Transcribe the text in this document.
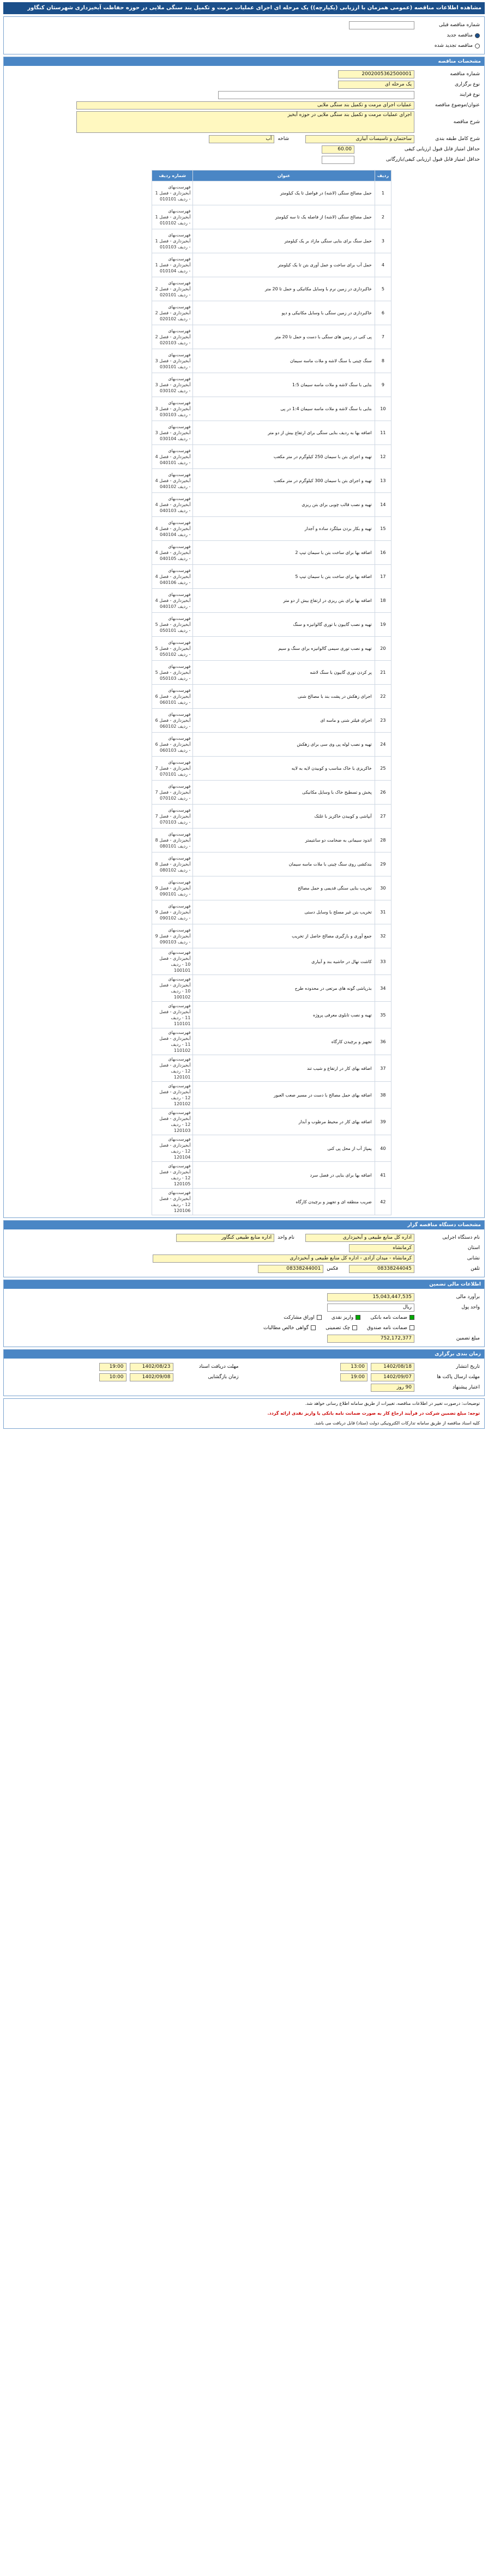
مشاهده اطلاعات مناقصه (عمومی همزمان با ارزیابی (یکپارچه)) یک مرحله ای اجرای عملیات مرمت و تکمیل بند سنگی ملایی در حوزه حفاظت آبخیزداری شهرستان کنگاور
شماره مناقصه قبلی
مناقصه جدید
مناقصه تجدید شده
مشخصات مناقصه
شماره مناقصه
2002005362500001
نوع برگزاری
یک مرحله ای
نوع فرایند
عنوان/موضوع مناقصه
عملیات اجرای مرمت و تکمیل بند سنگی ملایی
شرح مناقصه
اجرای عملیات مرمت و تکمیل بند سنگی ملایی در حوزه آبخیز
شرح کامل طبقه بندی
ساختمان و تاسیسات آبیاری
شاخه
آب
حداقل امتیاز قابل قبول ارزیابی کیفی
60.00
حداقل امتیاز قابل قبول ارزیابی کیفی/بازرگانی
ردیف	عنوان	شماره ردیف
1	حمل مصالح سنگی (لاشه) در فواصل تا یک کیلومتر	فهرست‌بهای آبخیزداری - فصل 1 - ردیف 010101
2	حمل مصالح سنگی (لاشه) از فاصله یک تا سه کیلومتر	فهرست‌بهای آبخیزداری - فصل 1 - ردیف 010102
3	حمل سنگ برای بنایی سنگی مازاد بر یک کیلومتر	فهرست‌بهای آبخیزداری - فصل 1 - ردیف 010103
4	حمل آب برای ساخت و عمل آوری بتن تا یک کیلومتر	فهرست‌بهای آبخیزداری - فصل 1 - ردیف 010104
5	خاکبرداری در زمین نرم با وسایل مکانیکی و حمل تا 20 متر	فهرست‌بهای آبخیزداری - فصل 2 - ردیف 020101
6	خاکبرداری در زمین سنگی با وسایل مکانیکی و دپو	فهرست‌بهای آبخیزداری - فصل 2 - ردیف 020102
7	پی کنی در زمین های سنگی با دست و حمل تا 20 متر	فهرست‌بهای آبخیزداری - فصل 2 - ردیف 020103
8	سنگ چینی با سنگ لاشه و ملات ماسه سیمان	فهرست‌بهای آبخیزداری - فصل 3 - ردیف 030101
9	بنایی با سنگ لاشه و ملات ماسه سیمان 1:5	فهرست‌بهای آبخیزداری - فصل 3 - ردیف 030102
10	بنایی با سنگ لاشه و ملات ماسه سیمان 1:4 در پی	فهرست‌بهای آبخیزداری - فصل 3 - ردیف 030103
11	اضافه بها به ردیف بنایی سنگی برای ارتفاع بیش از دو متر	فهرست‌بهای آبخیزداری - فصل 3 - ردیف 030104
12	تهیه و اجرای بتن با سیمان 250 کیلوگرم در متر مکعب	فهرست‌بهای آبخیزداری - فصل 4 - ردیف 040101
13	تهیه و اجرای بتن با سیمان 300 کیلوگرم در متر مکعب	فهرست‌بهای آبخیزداری - فصل 4 - ردیف 040102
14	تهیه و نصب قالب چوبی برای بتن ریزی	فهرست‌بهای آبخیزداری - فصل 4 - ردیف 040103
15	تهیه و بکار بردن میلگرد ساده و آجدار	فهرست‌بهای آبخیزداری - فصل 4 - ردیف 040104
16	اضافه بها برای ساخت بتن با سیمان تیپ 2	فهرست‌بهای آبخیزداری - فصل 4 - ردیف 040105
17	اضافه بها برای ساخت بتن با سیمان تیپ 5	فهرست‌بهای آبخیزداری - فصل 4 - ردیف 040106
18	اضافه بها برای بتن ریزی در ارتفاع بیش از دو متر	فهرست‌بهای آبخیزداری - فصل 4 - ردیف 040107
19	تهیه و نصب گابیون با توری گالوانیزه و سنگ	فهرست‌بهای آبخیزداری - فصل 5 - ردیف 050101
20	تهیه و نصب توری سیمی گالوانیزه برای سنگ و سیم	فهرست‌بهای آبخیزداری - فصل 5 - ردیف 050102
21	پر کردن توری گابیون با سنگ لاشه	فهرست‌بهای آبخیزداری - فصل 5 - ردیف 050103
22	اجرای زهکش در پشت بند با مصالح شنی	فهرست‌بهای آبخیزداری - فصل 6 - ردیف 060101
23	اجرای فیلتر شنی و ماسه ای	فهرست‌بهای آبخیزداری - فصل 6 - ردیف 060102
24	تهیه و نصب لوله پی وی سی برای زهکش	فهرست‌بهای آبخیزداری - فصل 6 - ردیف 060103
25	خاکریزی با خاک مناسب و کوبیدن لایه به لایه	فهرست‌بهای آبخیزداری - فصل 7 - ردیف 070101
26	پخش و تسطیح خاک با وسایل مکانیکی	فهرست‌بهای آبخیزداری - فصل 7 - ردیف 070102
27	آبپاشی و کوبیدن خاکریز با غلتک	فهرست‌بهای آبخیزداری - فصل 7 - ردیف 070103
28	اندود سیمانی به ضخامت دو سانتیمتر	فهرست‌بهای آبخیزداری - فصل 8 - ردیف 080101
29	بندکشی روی سنگ چینی با ملات ماسه سیمان	فهرست‌بهای آبخیزداری - فصل 8 - ردیف 080102
30	تخریب بنایی سنگی قدیمی و حمل مصالح	فهرست‌بهای آبخیزداری - فصل 9 - ردیف 090101
31	تخریب بتن غیر مسلح با وسایل دستی	فهرست‌بهای آبخیزداری - فصل 9 - ردیف 090102
32	جمع آوری و بارگیری مصالح حاصل از تخریب	فهرست‌بهای آبخیزداری - فصل 9 - ردیف 090103
33	کاشت نهال در حاشیه بند و آبیاری	فهرست‌بهای آبخیزداری - فصل 10 - ردیف 100101
34	بذرپاشی گونه های مرتعی در محدوده طرح	فهرست‌بهای آبخیزداری - فصل 10 - ردیف 100102
35	تهیه و نصب تابلوی معرفی پروژه	فهرست‌بهای آبخیزداری - فصل 11 - ردیف 110101
36	تجهیز و برچیدن کارگاه	فهرست‌بهای آبخیزداری - فصل 11 - ردیف 110102
37	اضافه بهای کار در ارتفاع و شیب تند	فهرست‌بهای آبخیزداری - فصل 12 - ردیف 120101
38	اضافه بهای حمل مصالح با دست در مسیر صعب العبور	فهرست‌بهای آبخیزداری - فصل 12 - ردیف 120102
39	اضافه بهای کار در محیط مرطوب و آبدار	فهرست‌بهای آبخیزداری - فصل 12 - ردیف 120103
40	پمپاژ آب از محل پی کنی	فهرست‌بهای آبخیزداری - فصل 12 - ردیف 120104
41	اضافه بها برای بنایی در فصل سرد	فهرست‌بهای آبخیزداری - فصل 12 - ردیف 120105
42	ضریب منطقه ای و تجهیز و برچیدن کارگاه	فهرست‌بهای آبخیزداری - فصل 12 - ردیف 120106
مشخصات دستگاه مناقصه گزار
نام دستگاه اجرایی
اداره کل منابع طبیعی و آبخیزداری
نام واحد
اداره منابع طبیعی کنگاور
استان
کرمانشاه
نشانی
کرمانشاه - میدان آزادی - اداره کل منابع طبیعی و آبخیزداری
تلفن
08338244045
فکس
08338244001
اطلاعات مالی تضمین
برآورد مالی
15,043,447,535
واحد پول
ریال
ضمانت نامه بانکی
واریز نقدی
اوراق مشارکت
ضمانت نامه صندوق
چک تضمینی
گواهی خالص مطالبات
مبلغ تضمین
752,172,377
زمان بندی برگزاری
تاریخ انتشار
1402/08/18
13:00
مهلت ارسال پاکت ها
1402/09/07
19:00
اعتبار پیشنهاد
90 روز
مهلت دریافت اسناد
1402/08/23
19:00
زمان بازگشایی
1402/09/08
10:00
توضیحات: درصورت تغییر در اطلاعات مناقصه، تغییرات از طریق سامانه اطلاع رسانی خواهد شد.
توجه: مبلغ تضمین شرکت در فرآیند ارجاع کار به صورت ضمانت نامه بانکی یا واریز نقدی ارائه گردد.
کلیه اسناد مناقصه از طریق سامانه تدارکات الکترونیکی دولت (ستاد) قابل دریافت می باشد.
